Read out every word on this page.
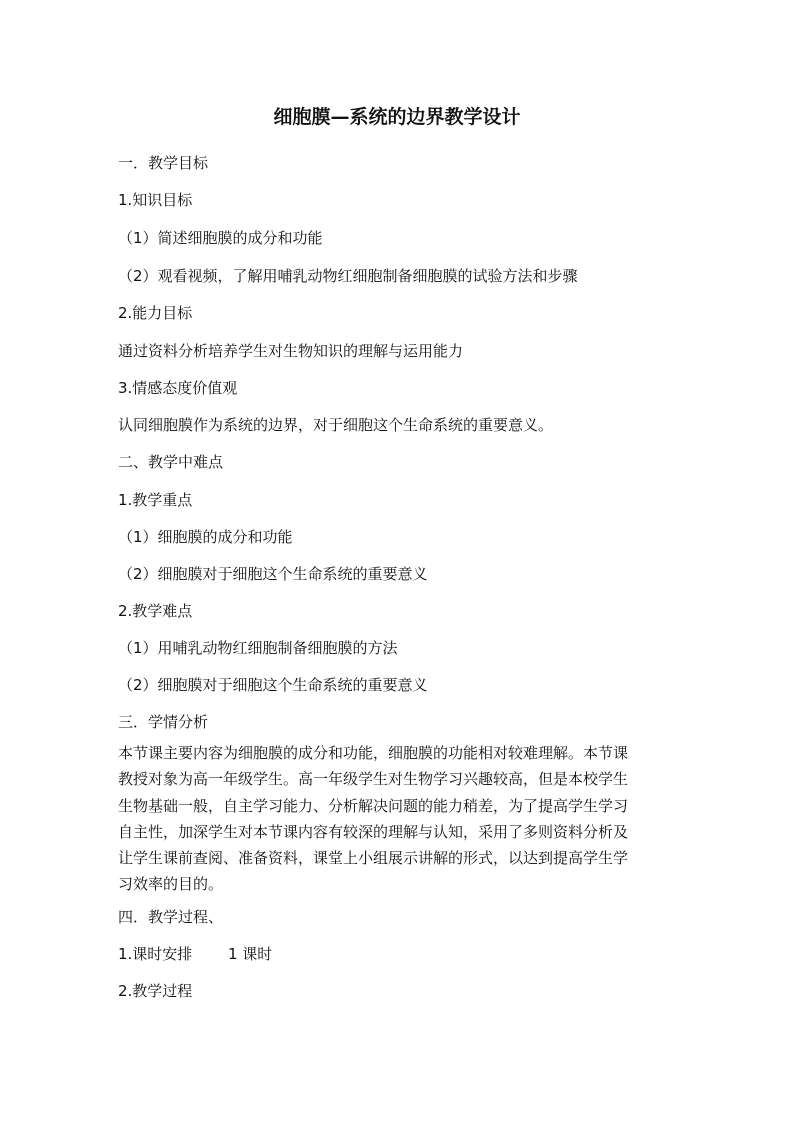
细胞膜—系统的边界教学设计
一．教学目标
1.知识目标
（1）简述细胞膜的成分和功能
（2）观看视频，了解用哺乳动物红细胞制备细胞膜的试验方法和步骤
2.能力目标
通过资料分析培养学生对生物知识的理解与运用能力
3.情感态度价值观
认同细胞膜作为系统的边界，对于细胞这个生命系统的重要意义。
二、教学中难点
1.教学重点
（1）细胞膜的成分和功能
（2）细胞膜对于细胞这个生命系统的重要意义
2.教学难点
（1）用哺乳动物红细胞制备细胞膜的方法
（2）细胞膜对于细胞这个生命系统的重要意义
三．学情分析
本节课主要内容为细胞膜的成分和功能，细胞膜的功能相对较难理解。本节课
教授对象为高一年级学生。高一年级学生对生物学习兴趣较高，但是本校学生
生物基础一般，自主学习能力、分析解决问题的能力稍差，为了提高学生学习
自主性，加深学生对本节课内容有较深的理解与认知，采用了多则资料分析及
让学生课前查阅、准备资料，课堂上小组展示讲解的形式，以达到提高学生学
习效率的目的。
四．教学过程、
1.课时安排 1 课时
2.教学过程
